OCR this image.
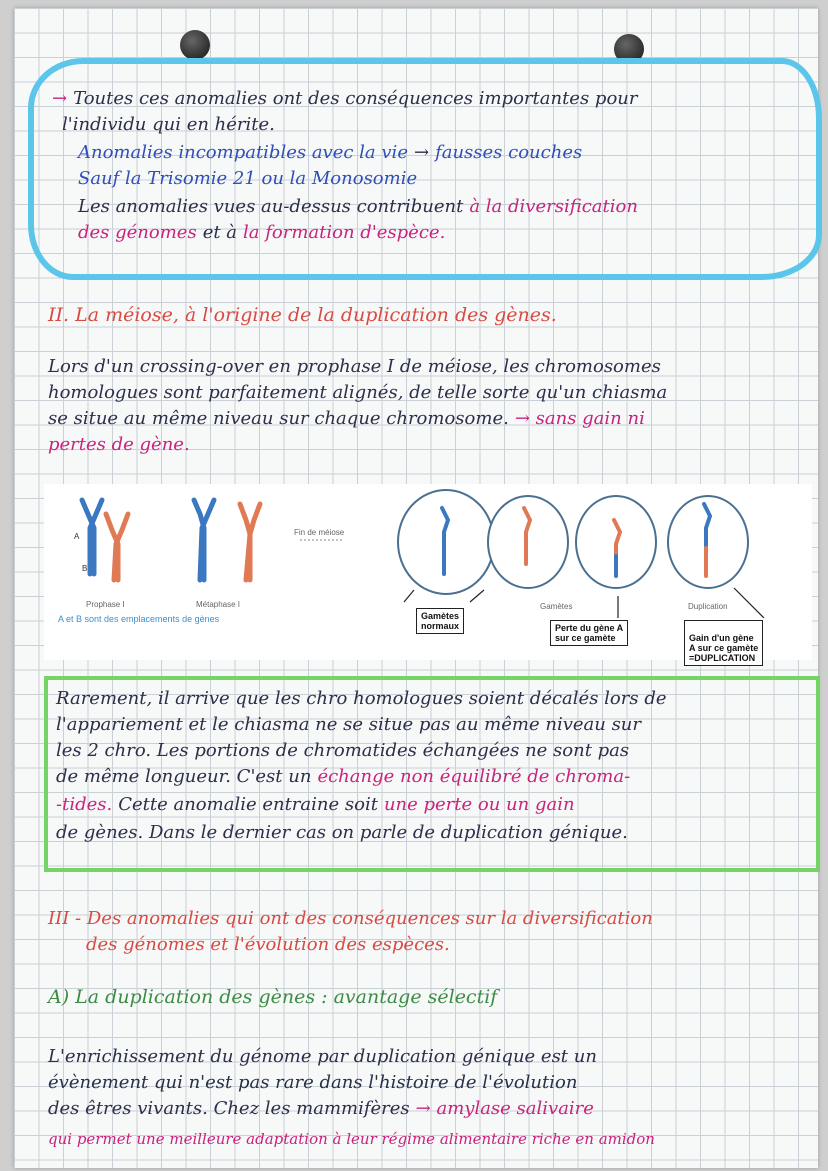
→ Toutes ces anomalies ont des conséquences importantes pour
l'individu qui en hérite.
Anomalies incompatibles avec la vie → fausses couches
Sauf la Trisomie 21 ou la Monosomie
Les anomalies vues au-dessus contribuent à la diversification
des génomes et à la formation d'espèce.
II. La méiose, à l'origine de la duplication des gènes.
Lors d'un crossing-over en prophase I de méiose, les chromosomes
homologues sont parfaitement alignés, de telle sorte qu'un chiasma
se situe au même niveau sur chaque chromosome. → sans gain ni
pertes de gène.
Fin de méiose
Prophase I	Métaphase I	Gamètes	Duplication
A et B sont des emplacements de gènes
A
B
Gamètes
normaux	Perte du gène A
sur ce gamète	Gain d'un gène
A sur ce gamète
=DUPLICATION

Rarement, il arrive que les chro homologues soient décalés lors de
l'appariement et le chiasma ne se situe pas au même niveau sur
les 2 chro. Les portions de chromatides échangées ne sont pas
de même longueur. C'est un échange non équilibré de chroma-
-tides. Cette anomalie entraine soit une perte ou un gain
de gènes. Dans le dernier cas on parle de duplication génique.
III - Des anomalies qui ont des conséquences sur la diversification
des génomes et l'évolution des espèces.
A) La duplication des gènes : avantage sélectif
L'enrichissement du génome par duplication génique est un
évènement qui n'est pas rare dans l'histoire de l'évolution
des êtres vivants. Chez les mammifères → amylase salivaire
qui permet une meilleure adaptation à leur régime alimentaire riche en amidon
